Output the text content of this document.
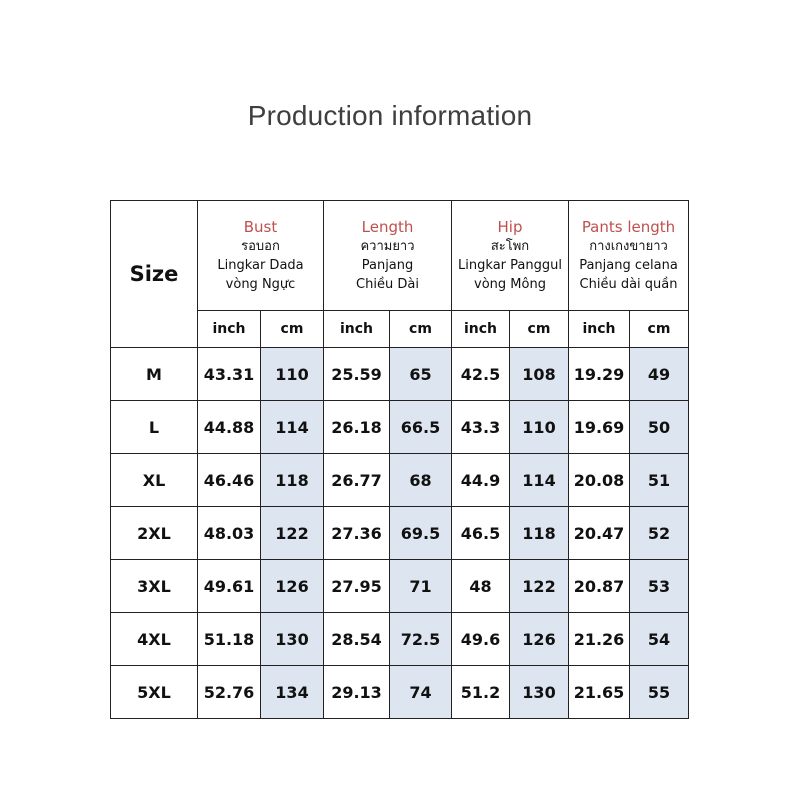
Production information
Size	Bust
รอบอก
Lingkar Dada
vòng Ngực		Length
ความยาว
Panjang
Chiều Dài		Hip
สะโพก
Lingkar Panggul
vòng Mông		Pants length
กางเกงขายาว
Panjang celana
Chiều dài quần	

	inch	cm	inch	cm	inch	cm	inch	cm
M	43.31	110	25.59	65	42.5	108	19.29	49
L	44.88	114	26.18	66.5	43.3	110	19.69	50
XL	46.46	118	26.77	68	44.9	114	20.08	51
2XL	48.03	122	27.36	69.5	46.5	118	20.47	52
3XL	49.61	126	27.95	71	48	122	20.87	53
4XL	51.18	130	28.54	72.5	49.6	126	21.26	54
5XL	52.76	134	29.13	74	51.2	130	21.65	55
